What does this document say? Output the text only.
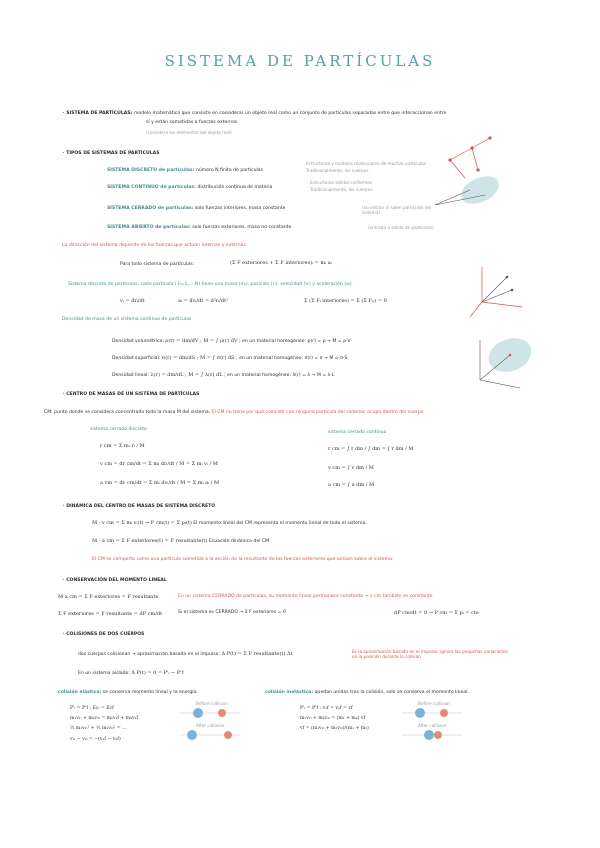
SISTEMA DE PARTÍCULAS
• SISTEMA DE PARTÍCULAS: modelo matemático que consiste en considerar un objeto real como un conjunto de partículas separadas entre que interaccionan entre
sí y están sometidas a fuerzas externas
(considera los elementos del objeto real)
• TIPOS DE SISTEMAS DE PARTÍCULAS
· SISTEMA DISCRETO de partículas: número N finito de partículas
Estructuras y modelos moleculares de muchas partículas
Tradicionalmente, los cuerpos
· SISTEMA CONTINUO de partículas: distribución continua de materia
Estructuras sólidas uniformes
Tradicionalmente, los cuerpos
· SISTEMA CERRADO de partículas: solo fuerzas interiores, masa constante	(no entran ni salen partículas del sistema)
· SISTEMA ABIERTO de partículas: solo fuerzas exteriores, masa no constante	(entrada o salida de partículas)
La dirección del sistema depende de las fuerzas que actúan internas y externas
Para todo sistema de partículas:	(Σ F exteriores + Σ F interiores)ᵢ = mᵢ aᵢ
Sistema discreto de partículas: cada partícula i (i=1,…,N) tiene una masa (mᵢ), posición (rᵢ), velocidad (vᵢ) y aceleración (aᵢ)
vᵢ = drᵢ/dt	aᵢ = dvᵢ/dt = d²rᵢ/dt²	Σ (Σ Fᵢ interiores) = Σ (Σ Fᵢⱼ) = 0
Densidad de masa de un sistema continuo de partículas
Densidad volumétrica: ρ(r) = dm/dV ; M = ∫ ρ(r) dV ; en un material homogéneo: ρ(r) = ρ → M = ρ·V
Densidad superficial: σ(r) = dm/dS ; M = ∫ σ(r) dS ; en un material homogéneo: σ(r) = σ → M = σ·S
Densidad lineal: λ(r) = dm/dL ; M = ∫ λ(r) dL ; en un material homogéneo: λ(r) = λ → M = λ·L
• CENTRO DE MASAS DE UN SISTEMA DE PARTÍCULAS
CM: punto donde se considera concentrada toda la masa M del sistema. El CM no tiene por qué coincidir con ninguna partícula del sistema; ocupa dentro del cuerpo
sistema cerrado discreto
sistema cerrado continuo
r cm = Σ mᵢ rᵢ / M
v cm = dr cm/dt = Σ mᵢ drᵢ/dt / M = Σ mᵢ vᵢ / M
a cm = dv cm/dt = Σ mᵢ dvᵢ/dt / M = Σ mᵢ aᵢ / M
r cm = ∫ r dm / ∫ dm = ∫ r dm / M
v cm = ∫ v dm / M
a cm = ∫ a dm / M
• DINÁMICA DEL CENTRO DE MASAS DE SISTEMA DISCRETO
M · v cm = Σ mᵢ vᵢ(t) → P cm(t) = Σ pᵢ(t) El momento lineal del CM representa el momento lineal de todo el sistema.
M · a cm = Σ F exteriores(t) = F resultante(t) Ecuación dinámica del CM
El CM se comporta como una partícula sometida a la acción de la resultante de las fuerzas exteriores que actúan sobre el sistema.
• CONSERVACIÓN DEL MOMENTO LINEAL
M·a cm = Σ F exteriores = F resultante
Σ F exteriores = F resultante = dP cm/dt
En un sistema CERRADO de partículas, su momento lineal permanece constante → v cm también es constante
Si el sistema es CERRADO → Σ F exteriores = 0	dP cm/dt = 0 → P cm = Σ pᵢ = cte
• COLISIONES DE DOS CUERPOS
dos cuerpos colisionan → aproximación basada en el impulso: Δ P(t) = Σ F resultante(t) Δt	Es la aproximación basada en el impulso, ignora las pequeñas variaciones en la posición durante la colisión
En un sistema aislado: Δ P(t) = 0 = P'ᵢ − P'f
colisión elástica: se conserva momento lineal y la energía	colisión inelástica: quedan unidas tras la colisión, solo se conserva el momento lineal.
P'ᵢ = P'f ; Ecᵢ = Ecf
m₁v₁ᵢ + m₂v₂ᵢ = m₁v₁f + m₂v₂f
½ m₁v₁ᵢ² + ½ m₂v₂ᵢ² = …
v₁ᵢ − v₂ᵢ = −(v₁f − v₂f)
P'ᵢ = P'f : v₁f = v₂f = vf
m₁v₁ᵢ + m₂v₂ᵢ = (m₁ + m₂) vf
vf = (m₁v₁ᵢ + m₂v₂ᵢ)/(m₁ + m₂)
Before collision
After collision
Before collision
After collision
